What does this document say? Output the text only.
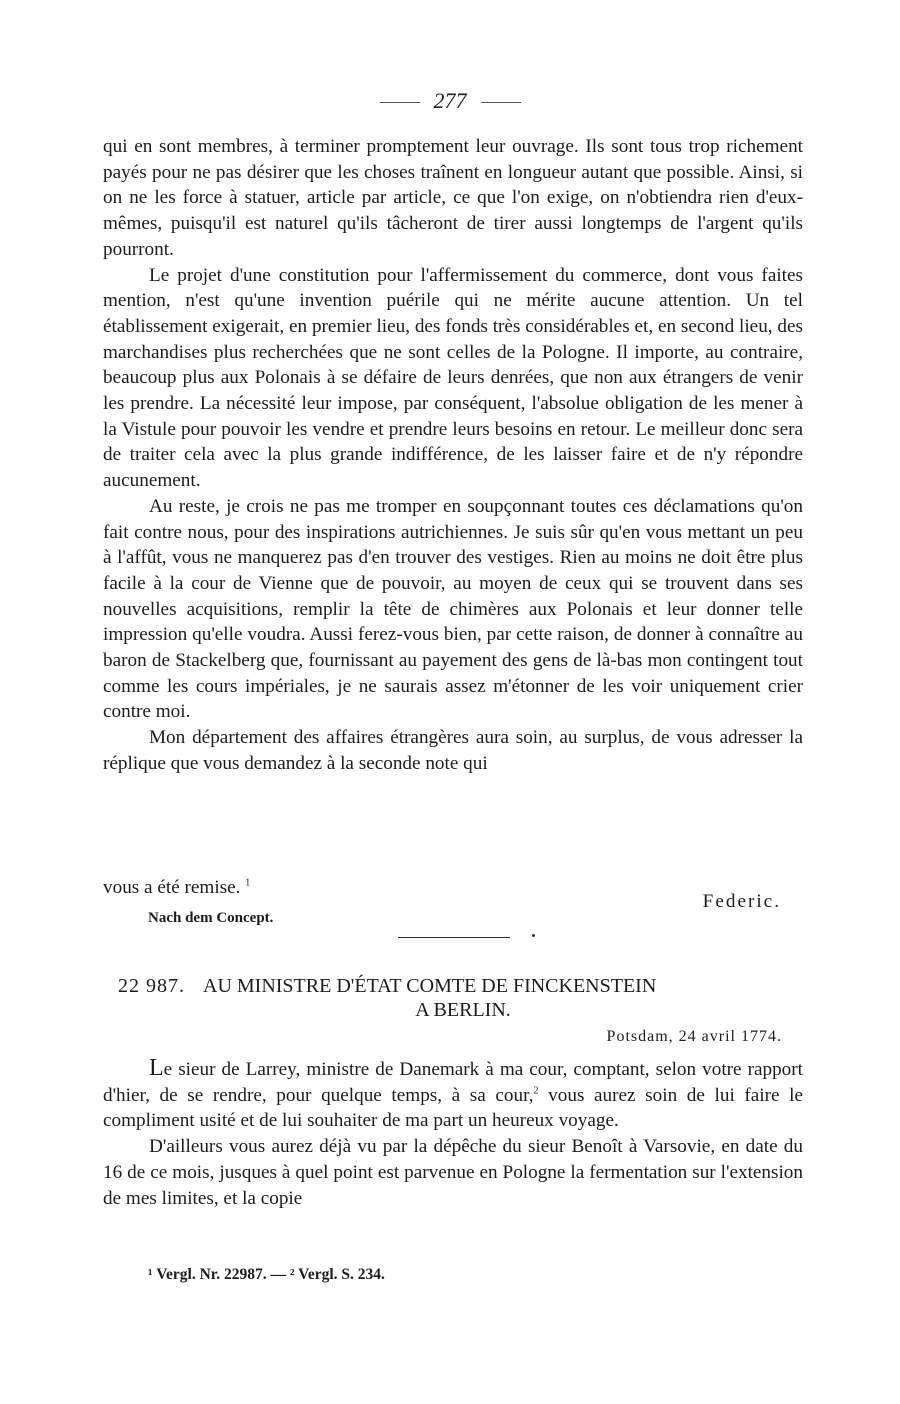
277

qui en sont membres, à terminer promptement leur ouvrage. Ils sont tous trop richement payés pour ne pas désirer que les choses traînent en longueur autant que possible. Ainsi, si on ne les force à statuer, article par article, ce que l'on exige, on n'obtiendra rien d'eux-mêmes, puisqu'il est naturel qu'ils tâcheront de tirer aussi longtemps de l'argent qu'ils pourront.

Le projet d'une constitution pour l'affermissement du commerce, dont vous faites mention, n'est qu'une invention puérile qui ne mérite aucune attention. Un tel établissement exigerait, en premier lieu, des fonds très considérables et, en second lieu, des marchandises plus recherchées que ne sont celles de la Pologne. Il importe, au contraire, beaucoup plus aux Polonais à se défaire de leurs denrées, que non aux étrangers de venir les prendre. La nécessité leur impose, par conséquent, l'absolue obligation de les mener à la Vistule pour pouvoir les vendre et prendre leurs besoins en retour. Le meilleur donc sera de traiter cela avec la plus grande indifférence, de les laisser faire et de n'y répondre aucunement.

Au reste, je crois ne pas me tromper en soupçonnant toutes ces déclamations qu'on fait contre nous, pour des inspirations autrichiennes. Je suis sûr qu'en vous mettant un peu à l'affût, vous ne manquerez pas d'en trouver des vestiges. Rien au moins ne doit être plus facile à la cour de Vienne que de pouvoir, au moyen de ceux qui se trouvent dans ses nouvelles acquisitions, remplir la tête de chimères aux Polonais et leur donner telle impression qu'elle voudra. Aussi ferez-vous bien, par cette raison, de donner à connaître au baron de Stackelberg que, fournissant au payement des gens de là-bas mon contingent tout comme les cours impériales, je ne saurais assez m'étonner de les voir uniquement crier contre moi.

Mon département des affaires étrangères aura soin, au surplus, de vous adresser la réplique que vous demandez à la seconde note qui

vous a été remise. $^1$
Federic.
Nach dem Concept.
22 987. AU MINISTRE D'ÉTAT COMTE DE FINCKENSTEIN
A BERLIN.
Potsdam, 24 avril 1774.

Le sieur de Larrey, ministre de Danemark à ma cour, comptant, selon votre rapport d'hier, de se rendre, pour quelque temps, à sa cour,$^2$ vous aurez soin de lui faire le compliment usité et de lui souhaiter de ma part un heureux voyage.

D'ailleurs vous aurez déjà vu par la dépêche du sieur Benoît à Varsovie, en date du 16 de ce mois, jusques à quel point est parvenue en Pologne la fermentation sur l'extension de mes limites, et la copie

¹ Vergl. Nr. 22987. — ² Vergl. S. 234.
